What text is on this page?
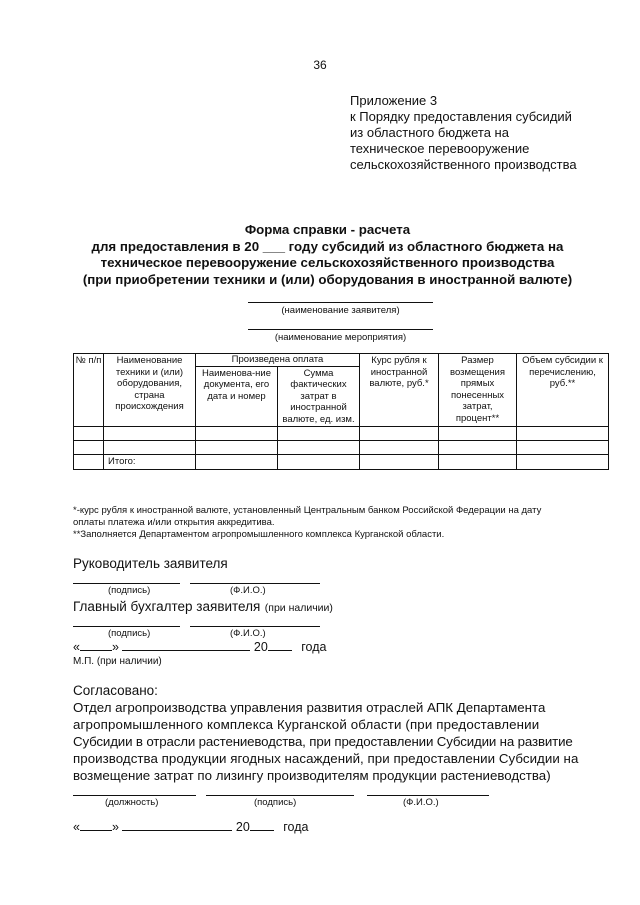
36
Приложение 3
к Порядку предоставления субсидий
из областного бюджета на
техническое перевооружение
сельскохозяйственного производства
Форма справки - расчета
для предоставления в 20 ___ году субсидий из областного бюджета на
техническое перевооружение сельскохозяйственного производства
(при приобретении техники и (или) оборудования в иностранной валюте)
(наименование заявителя)
(наименование мероприятия)
№ п/п	Наименование техники и (или) оборудования, страна происхождения	Произведена оплата		Курс рубля к иностранной валюте, руб.*	Размер возмещения прямых понесенных затрат, процент**	Объем субсидии к перечислению, руб.**
		Наименова-ние документа, его дата и номер	Сумма фактических затрат в иностранной валюте, ед. изм.			

	Итого:					
*-курс рубля к иностранной валюте, установленный Центральным банком Российской Федерации на дату
оплаты платежа и/или открытия аккредитива.
**Заполняется Департаментом агропромышленного комплекса Курганской области.
Руководитель заявителя
(подпись)	(Ф.И.О.)
Главный бухгалтер заявителя (при наличии)
(подпись)	(Ф.И.О.)
«	»	20	года
М.П. (при наличии)
Согласовано:
Отдел агропроизводства управления развития отраслей АПК Департамента
агропромышленного комплекса Курганской области (при предоставлении
Субсидии в отрасли растениеводства, при предоставлении Субсидии на развитие
производства продукции ягодных насаждений, при предоставлении Субсидии на
возмещение затрат по лизингу производителям продукции растениеводства)
(должность)	(подпись)	(Ф.И.О.)
«	»	20	года
